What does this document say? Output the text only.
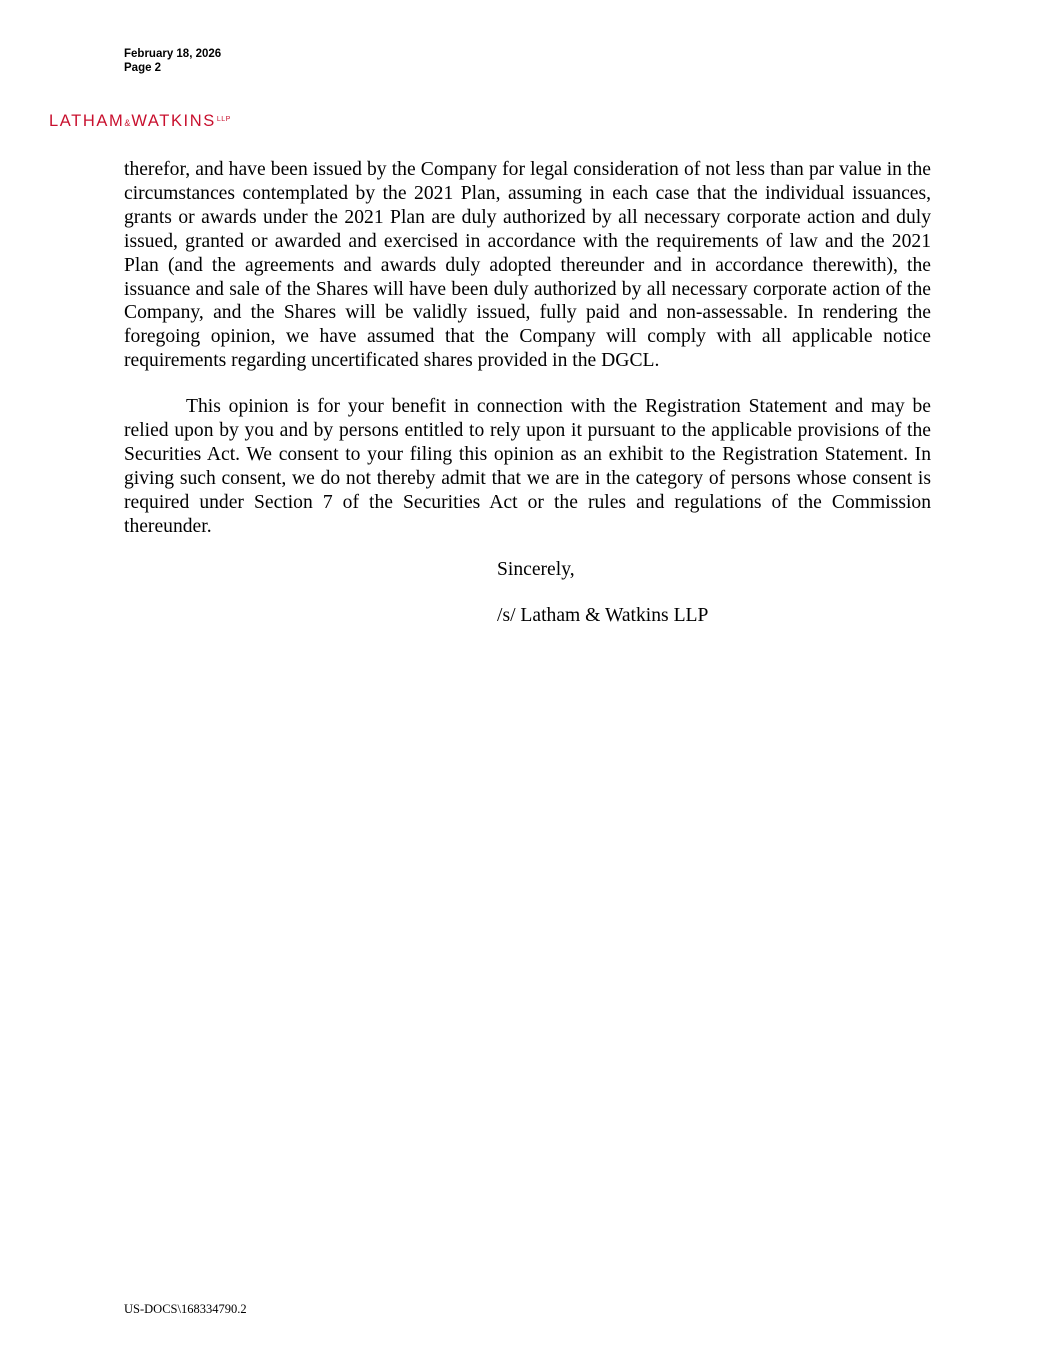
February 18, 2026
Page 2
$LATHAM\&WATKINS^{LLP}$

therefor, and have been issued by the Company for legal consideration of not less than par value in the circumstances contemplated by the 2021 Plan, assuming in each case that the individual issuances, grants or awards under the 2021 Plan are duly authorized by all necessary corporate action and duly issued, granted or awarded and exercised in accordance with the requirements of law and the 2021 Plan (and the agreements and awards duly adopted thereunder and in accordance therewith), the issuance and sale of the Shares will have been duly authorized by all necessary corporate action of the Company, and the Shares will be validly issued, fully paid and non-assessable. In rendering the foregoing opinion, we have assumed that the Company will comply with all applicable notice requirements regarding uncertificated shares provided in the DGCL.

This opinion is for your benefit in connection with the Registration Statement and may be relied upon by you and by persons entitled to rely upon it pursuant to the applicable provisions of the Securities Act. We consent to your filing this opinion as an exhibit to the Registration Statement. In giving such consent, we do not thereby admit that we are in the category of persons whose consent is required under Section 7 of the Securities Act or the rules and regulations of the Commission thereunder.

Sincerely,
/s/ Latham & Watkins LLP
US-DOCS\168334790.2
